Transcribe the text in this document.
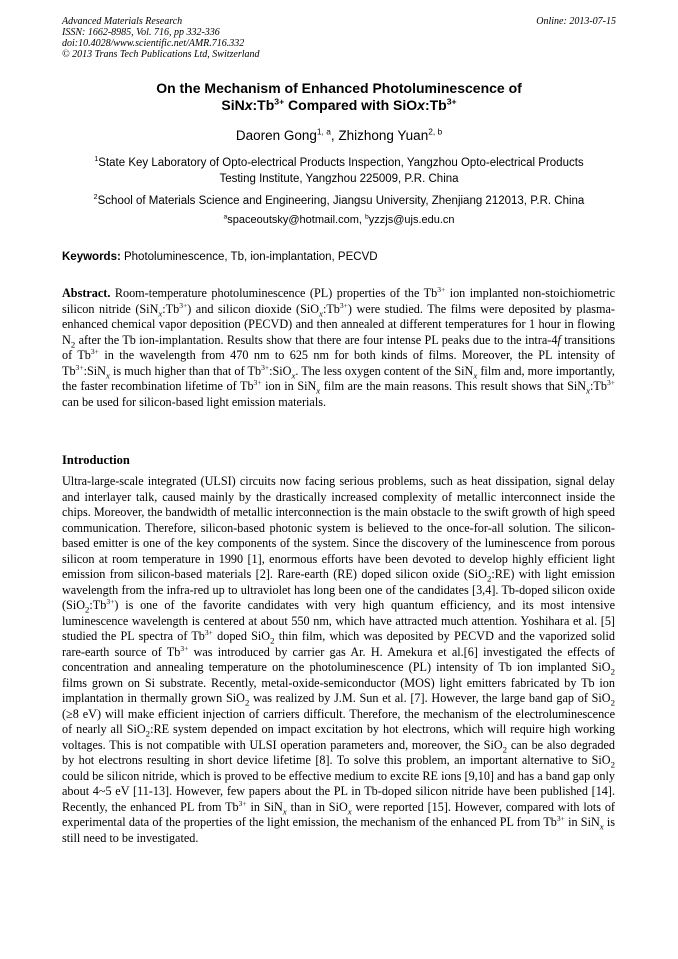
Advanced Materials Research
ISSN: 1662-8985, Vol. 716, pp 332-336
doi:10.4028/www.scientific.net/AMR.716.332
© 2013 Trans Tech Publications Ltd, Switzerland
Online: 2013-07-15
On the Mechanism of Enhanced Photoluminescence of
$SiNx:Tb^{3+}$ Compared with $SiOx:Tb^{3+}$
Daoren Gong$^{1, a}$, Zhizhong Yuan$^{2, b}$
$^1$State Key Laboratory of Opto-electrical Products Inspection, Yangzhou Opto-electrical Products
Testing Institute, Yangzhou 225009, P.R. China
$^2$School of Materials Science and Engineering, Jiangsu University, Zhenjiang 212013, P.R. China
$^a$spaceoutsky@hotmail.com, $^b$yzzjs@ujs.edu.cn
Keywords: Photoluminescence, Tb, ion-implantation, PECVD
Abstract. Room-temperature photoluminescence (PL) properties of the $Tb^{3+}$ ion implanted non-stoichiometric silicon nitride $(SiN_x:Tb^{3+})$ and silicon dioxide $(SiO_x:Tb^{3+})$ were studied. The films were deposited by plasma-enhanced chemical vapor deposition (PECVD) and then annealed at different temperatures for 1 hour in flowing $N_2$ after the Tb ion-implantation. Results show that there are four intense PL peaks due to the intra-4f transitions of $Tb^{3+}$ in the wavelength from 470 nm to 625 nm for both kinds of films. Moreover, the PL intensity of $Tb^{3+}:SiN_x$ is much higher than that of $Tb^{3+}:SiO_x$. The less oxygen content of the SiN$_x$ film and, more importantly, the faster recombination lifetime of $Tb^{3+}$ ion in SiN$_x$ film are the main reasons. This result shows that $SiN_x:Tb^{3+}$ can be used for silicon-based light emission materials.
Introduction
Ultra-large-scale integrated (ULSI) circuits now facing serious problems, such as heat dissipation, signal delay and interlayer talk, caused mainly by the drastically increased complexity of metallic interconnect inside the chips. Moreover, the bandwidth of metallic interconnection is the main obstacle to the swift growth of high speed communication. Therefore, silicon-based photonic system is believed to the once-for-all solution. The silicon-based emitter is one of the key components of the system. Since the discovery of the luminescence from porous silicon at room temperature in 1990 [1], enormous efforts have been devoted to develop highly efficient light emission from silicon-based materials [2]. Rare-earth (RE) doped silicon oxide (SiO$_2$:RE) with light emission wavelength from the infra-red up to ultraviolet has long been one of the candidates [3,4]. Tb-doped silicon oxide $(SiO_2:Tb^{3+})$ is one of the favorite candidates with very high quantum efficiency, and its most intensive luminescence wavelength is centered at about 550 nm, which have attracted much attention. Yoshihara et al. [5] studied the PL spectra of $Tb^{3+}$ doped SiO$_2$ thin film, which was deposited by PECVD and the vaporized solid rare-earth source of $Tb^{3+}$ was introduced by carrier gas Ar. H. Amekura et al.[6] investigated the effects of concentration and annealing temperature on the photoluminescence (PL) intensity of Tb ion implanted SiO$_2$ films grown on Si substrate. Recently, metal-oxide-semiconductor (MOS) light emitters fabricated by Tb ion implantation in thermally grown SiO$_2$ was realized by J.M. Sun et al. [7]. However, the large band gap of SiO$_2$ (≥8 eV) will make efficient injection of carriers difficult. Therefore, the mechanism of the electroluminescence of nearly all SiO$_2$:RE system depended on impact excitation by hot electrons, which will require high working voltages. This is not compatible with ULSI operation parameters and, moreover, the SiO$_2$ can be also degraded by hot electrons resulting in short device lifetime [8]. To solve this problem, an important alternative to SiO$_2$ could be silicon nitride, which is proved to be effective medium to excite RE ions [9,10] and has a band gap only about 4~5 eV [11-13]. However, few papers about the PL in Tb-doped silicon nitride have been published [14]. Recently, the enhanced PL from $Tb^{3+}$ in SiN$_x$ than in SiO$_x$ were reported [15]. However, compared with lots of experimental data of the properties of the light emission, the mechanism of the enhanced PL from $Tb^{3+}$ in SiN$_x$ is still need to be investigated.
